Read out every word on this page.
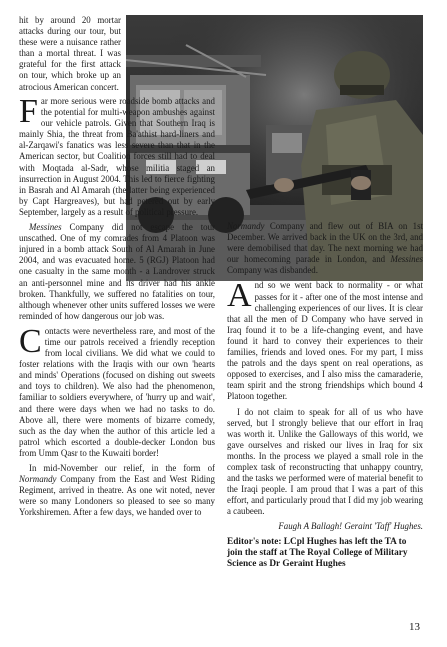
hit by around 20 mortar attacks during our tour, but these were a nuisance rather than a mortal threat. I was grateful for the first attack on tour, which broke up an atrocious American concert.

Far more serious were roadside bomb attacks and the potential for multi-weapon ambushes against our vehicle patrols. Given that Southern Iraq is mainly Shia, the threat from Ba'athist hard-liners and al-Zarqawi's fanatics was less severe than that in the American sector, but Coalition forces still had to deal with Moqtada al-Sadr, whose militia staged an insurrection in August 2004. This led to fierce fighting in Basrah and Al Amarah (the latter being experienced by Capt Hargreaves), but had petered out by early September, largely as a result of political pressure.

Messines Company did not escape the tour unscathed. One of my comrades from 4 Platoon was injured in a bomb attack South of Al Amarah in June 2004, and was evacuated home. 5 (RGJ) Platoon had one casualty in the same month - a Landrover struck an anti-personnel mine and its driver had his ankle broken. Thankfully, we suffered no fatalities on tour, although whenever other units suffered losses we were reminded of how dangerous our job was.

Contacts were nevertheless rare, and most of the time our patrols received a friendly reception from local civilians. We did what we could to foster relations with the Iraqis with our own 'hearts and minds' Operations (focused on dishing out sweets and toys to children). We also had the phenomenon, familiar to soldiers everywhere, of 'hurry up and wait', and there were days when we had no tasks to do. Above all, there were moments of bizarre comedy, such as the day when the author of this article led a patrol which escorted a double-decker London bus from Umm Qasr to the Kuwaiti border!

In mid-November our relief, in the form of Normandy Company from the East and West Riding Regiment, arrived in theatre. As one wit noted, never were so many Londoners so pleased to see so many Yorkshiremen. After a few days, we handed over to

Normandy Company and flew out of BIA on 1st December. We arrived back in the UK on the 3rd, and were demobilised that day. The next morning we had our homecoming parade in London, and Messines Company was disbanded.

And so we went back to normality - or what passes for it - after one of the most intense and challenging experiences of our lives. It is clear that all the men of D Company who have served in Iraq found it to be a life-changing event, and have found it hard to convey their experiences to their families, friends and loved ones. For my part, I miss the patrols and the days spent on real operations, as opposed to exercises, and I also miss the camaraderie, team spirit and the strong friendships which bound 4 Platoon together.

I do not claim to speak for all of us who have served, but I strongly believe that our effort in Iraq was worth it. Unlike the Galloways of this world, we gave ourselves and risked our lives in Iraq for six months. In the process we played a small role in the complex task of reconstructing that unhappy country, and the tasks we performed were of material benefit to the Iraqi people. I am proud that I was a part of this effort, and particularly proud that I did my job wearing a caubeen.

Faugh A Ballagh! Geraint 'Taff' Hughes.

Editor's note: LCpl Hughes has left the TA to join the staff at The Royal College of Military Science as Dr Geraint Hughes

13
